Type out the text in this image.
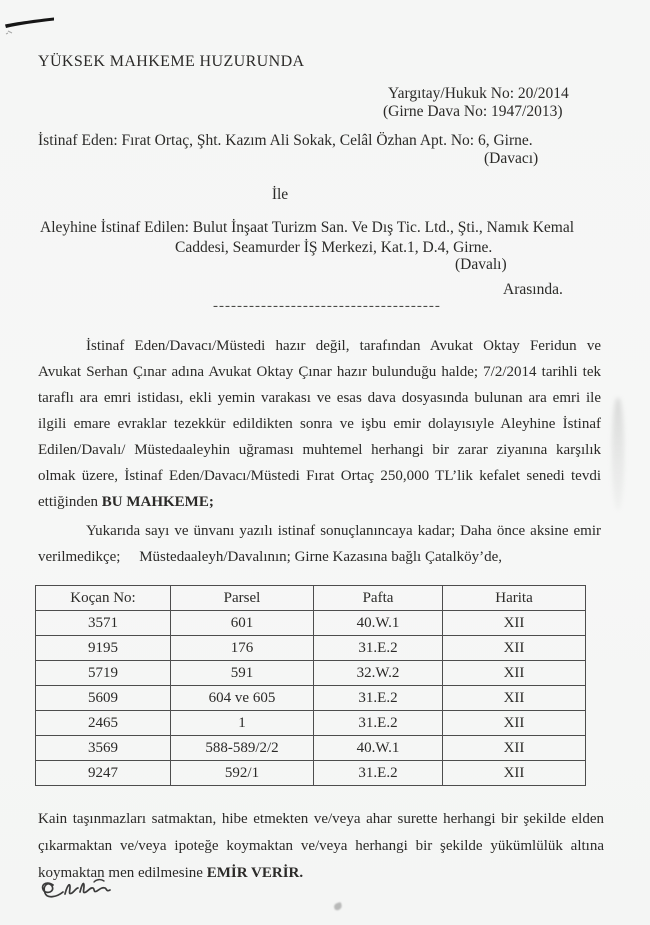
YÜKSEK MAHKEME HUZURUNDA
Yargıtay/Hukuk No: 20/2014
(Girne Dava No: 1947/2013)
İstinaf Eden: Fırat Ortaç, Şht. Kazım Ali Sokak, Celâl Özhan Apt. No: 6, Girne.
(Davacı)
İle
Aleyhine İstinaf Edilen: Bulut İnşaat Turizm San. Ve Dış Tic. Ltd., Şti., Namık Kemal
Caddesi, Seamurder İŞ Merkezi, Kat.1, D.4, Girne.
(Davalı)
Arasında.
--------------------------------------
İstinaf Eden/Davacı/Müstedi hazır değil, tarafından Avukat Oktay Feridun ve
Avukat Serhan Çınar adına Avukat Oktay Çınar hazır bulunduğu halde; 7/2/2014 tarihli tek
taraflı ara emri istidası, ekli yemin varakası ve esas dava dosyasında bulunan ara emri ile
ilgili emare evraklar tezekkür edildikten sonra ve işbu emir dolayısıyle Aleyhine İstinaf
Edilen/Davalı/ Müstedaaleyhin uğraması muhtemel herhangi bir zarar ziyanına karşılık
olmak üzere, İstinaf Eden/Davacı/Müstedi Fırat Ortaç 250,000 TL’lik kefalet senedi tevdi
ettiğinden BU MAHKEME;
Yukarıda sayı ve ünvanı yazılı istinaf sonuçlanıncaya kadar; Daha önce aksine emir
verilmedikçe;     Müstedaaleyh/Davalının; Girne Kazasına bağlı Çatalköy’de,
Koçan No:	Parsel	Pafta	Harita
3571	601	40.W.1	XII
9195	176	31.E.2	XII
5719	591	32.W.2	XII
5609	604 ve 605	31.E.2	XII
2465	1	31.E.2	XII
3569	588-589/2/2	40.W.1	XII
9247	592/1	31.E.2	XII
Kain taşınmazları satmaktan, hibe etmekten ve/veya ahar surette herhangi bir şekilde elden
çıkarmaktan ve/veya ipoteğe koymaktan ve/veya herhangi bir şekilde yükümlülük altına
koymaktan men edilmesine EMİR VERİR.
